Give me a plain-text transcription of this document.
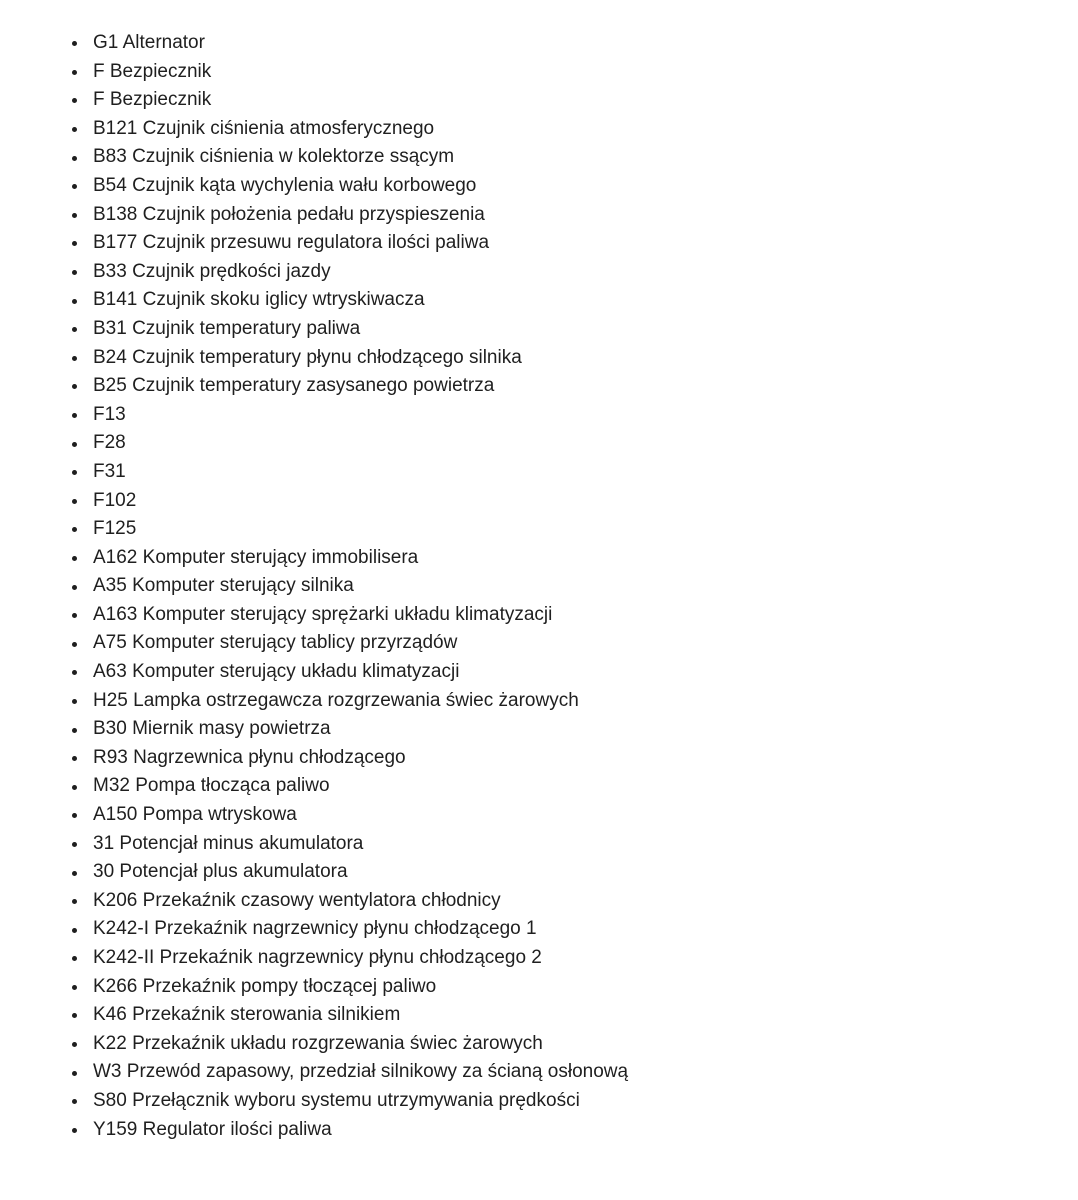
G1 Alternator
F Bezpiecznik
F Bezpiecznik
B121 Czujnik ciśnienia atmosferycznego
B83 Czujnik ciśnienia w kolektorze ssącym
B54 Czujnik kąta wychylenia wału korbowego
B138 Czujnik położenia pedału przyspieszenia
B177 Czujnik przesuwu regulatora ilości paliwa
B33 Czujnik prędkości jazdy
B141 Czujnik skoku iglicy wtryskiwacza
B31 Czujnik temperatury paliwa
B24 Czujnik temperatury płynu chłodzącego silnika
B25 Czujnik temperatury zasysanego powietrza
F13
F28
F31
F102
F125
A162 Komputer sterujący immobilisera
A35 Komputer sterujący silnika
A163 Komputer sterujący sprężarki układu klimatyzacji
A75 Komputer sterujący tablicy przyrządów
A63 Komputer sterujący układu klimatyzacji
H25 Lampka ostrzegawcza rozgrzewania świec żarowych
B30 Miernik masy powietrza
R93 Nagrzewnica płynu chłodzącego
M32 Pompa tłocząca paliwo
A150 Pompa wtryskowa
31 Potencjał minus akumulatora
30 Potencjał plus akumulatora
K206 Przekaźnik czasowy wentylatora chłodnicy
K242-I Przekaźnik nagrzewnicy płynu chłodzącego 1
K242-II Przekaźnik nagrzewnicy płynu chłodzącego 2
K266 Przekaźnik pompy tłoczącej paliwo
K46 Przekaźnik sterowania silnikiem
K22 Przekaźnik układu rozgrzewania świec żarowych
W3 Przewód zapasowy, przedział silnikowy za ścianą osłonową
S80 Przełącznik wyboru systemu utrzymywania prędkości
Y159 Regulator ilości paliwa
